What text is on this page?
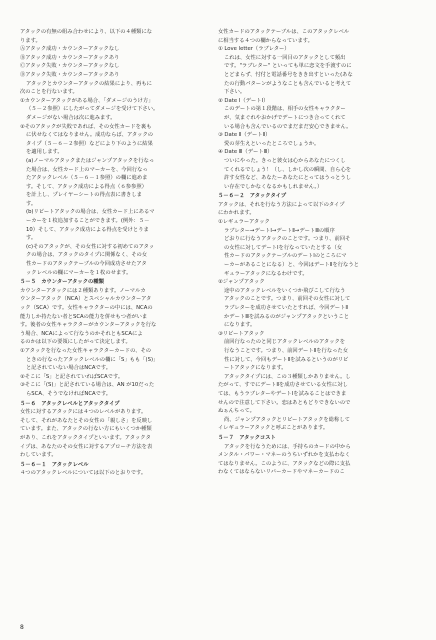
アタックの有無の組み合わせにより、以下の４種類にな
ります。
Ⓐアタック成功・カウンターアタックなし
Ⓑアタック成功・カウンターアタックあり
Ⓒアタック失敗・カウンターアタックなし
Ⓓアタック失敗・カウンターアタックあり
アタックとカウンターアタックの結果により、再もに
次のことを行ないます。
①カウンターアタックがある場合、「ダメージのうけ方」
（５－２参照）にしたがってダメージを受けて下さい。
ダメージがない場合は次に進みます。
②そのアタックが失敗であれば、その女性カードを裏も
に伏せなくてはなりません。成功ならば、アタックの
タイプ（５－６－２参照）などにより下のように結果
を適用します。
(a)ノーマルアタックまたはジャンプアタックを行なっ
た場合は、女性カード上のマーカーを、今回行なっ
たアタックレベル（５－６－１参照）の欄に進めま
す。そして、アタック成功による得点（６参参照）
を計上し、プレイヤーシートの得点表に書きしま
す。
(b)リピートアタックの場合は、女性カード上にあるマ
ーカーを１枚追加することができます。(例外：５－
10）そして、アタック成功による得点を受けとりま
す。
(c)そのアタックが、その女性に対する初めてのアタッ
クの場合は、アタックのタイプに関係なく、その女
性カードのアタックテーブルの今回成功させたアタ
ックレベルの欄にマーカーを１枚のせます。
５－５　カウンターアタックの種類
カウンターアタックには２種類あります。ノーマルカ
ウンターアタック（NCA）とスペシャルカウンターアタ
ック（SCA）です。女性キャラクターの中には、NCAの
能力しか持たない者とSCAの能力を併せもつ者がいま
す。後者の女性キャラクターがカウンターアタックを行な
う場合、NCAによって行なうのかそれともSCAによ
るのかは以下の要領にしたがって決定します。
①アタックを行なった女性キャラクターカードの、その
ときの行なったアタックレベルの欄に「S」もも「(S)」
と記されていない場合はNCAです。
②そこに「S」と記されていればSCAです。
③そこに「(S)」と記されている場合は、AN が10だった
らSCA、そうでなければNCAです。
５－６　アタックレベルとアタックタイプ
女性に対するアタックには４つのレベルがあります。
そして、それがあなたとその女性の「親しさ」を反映し
ています。また、アタックの行ない方にもいくつか種類
があり、これをアタックタイプといいます。アタックタ
イプは、あなたのその女性に対するアプローチ方法を表
わしています。
５－６－１　アタックレベル
４つのアタックレベルについては以下のとおりです。
女性カードのアタックテーブルは、このアタックレベル
に相当する４つの欄からなっています。
① Love letter（ラブレター）
これは、女性に対する一回目のアタックとして頻出
です。"ラブレター" といっても単に恋文を手渡すのに
とどまらず、忖付と電話番号をきき出すといった(あな
たの行動パターンがようなことも含んでいると考えて
下さい。
② Date Ⅰ（デートⅠ）
このデートの第１段階は、相手の女性キャラクター
が、気まぐれやおかげでデートにつき合ってくれて
いる場合も含んでいるのでまだまだ安心できません。
③ Date Ⅱ（デートⅡ）
愛の芽生えといったところでしょうか。
④ Date Ⅲ（デートⅢ）
ついにやった。きっと彼女は心からあなたにつくし
てくれるでしょう！（し、しかし次の瞬間、自ら心を
許す女性など、あなたーあなたにとってはうっとうし
い存在でしかなくなるかもしれません。）
５－６－２　アタックタイプ
アタックは、それを行なう方法によって以下のタイプ
にわかれます。
①レギュラーアタック
ラブレター→デートⅠ→デートⅡ→デートⅢの順序
どおりに行なうアタックのことです。つまり、前回そ
の女性に対してデートⅠを行なっていたとする（女
性カードのアタックテーブルのデートⅠのところにマ
ーカーがあることになる）と、今回はデートⅡを行なうと
ギュラーアタックになるわけです。
②ジャンプアタック
途中のアタックレベルをいくつか飛びこして行なう
アタックのことです。つまり、前回その女性に対して
ラブレターを成功させていたとすれば、今回デートⅡ
かデートⅢを試みるのがジャンプアタックということ
になります。
③リピートアタック
前回行なったのと同じアタックレベルのアタックを
行なうことです。つまり、前回デートⅡを行なった女
性に対して、今回もデートⅡを試みるというのがリピ
ートアタックになります。
アタックタイプには、この３種類しかありません。し
たがって、すでにデートⅡを成功させている女性に対し
ては、もうラブレターやデートⅠを試みることはできま
せんので注意して下さい。恋はあともどりできないので
ぬぁんちって。
尚、ジャンプアタックとリピートアタックを総称して
イレギュラーアタックと呼ぶことがあります。
５－７　アタックコスト
アタックを行なうためには、手持ちのカードの中から
メンタル・パワー・マネーのうちいずれかを支払わなく
てはなりません。このように、アタックなどの際に支払
わなくてはならないリバーカードやマネーカードのこ
8
